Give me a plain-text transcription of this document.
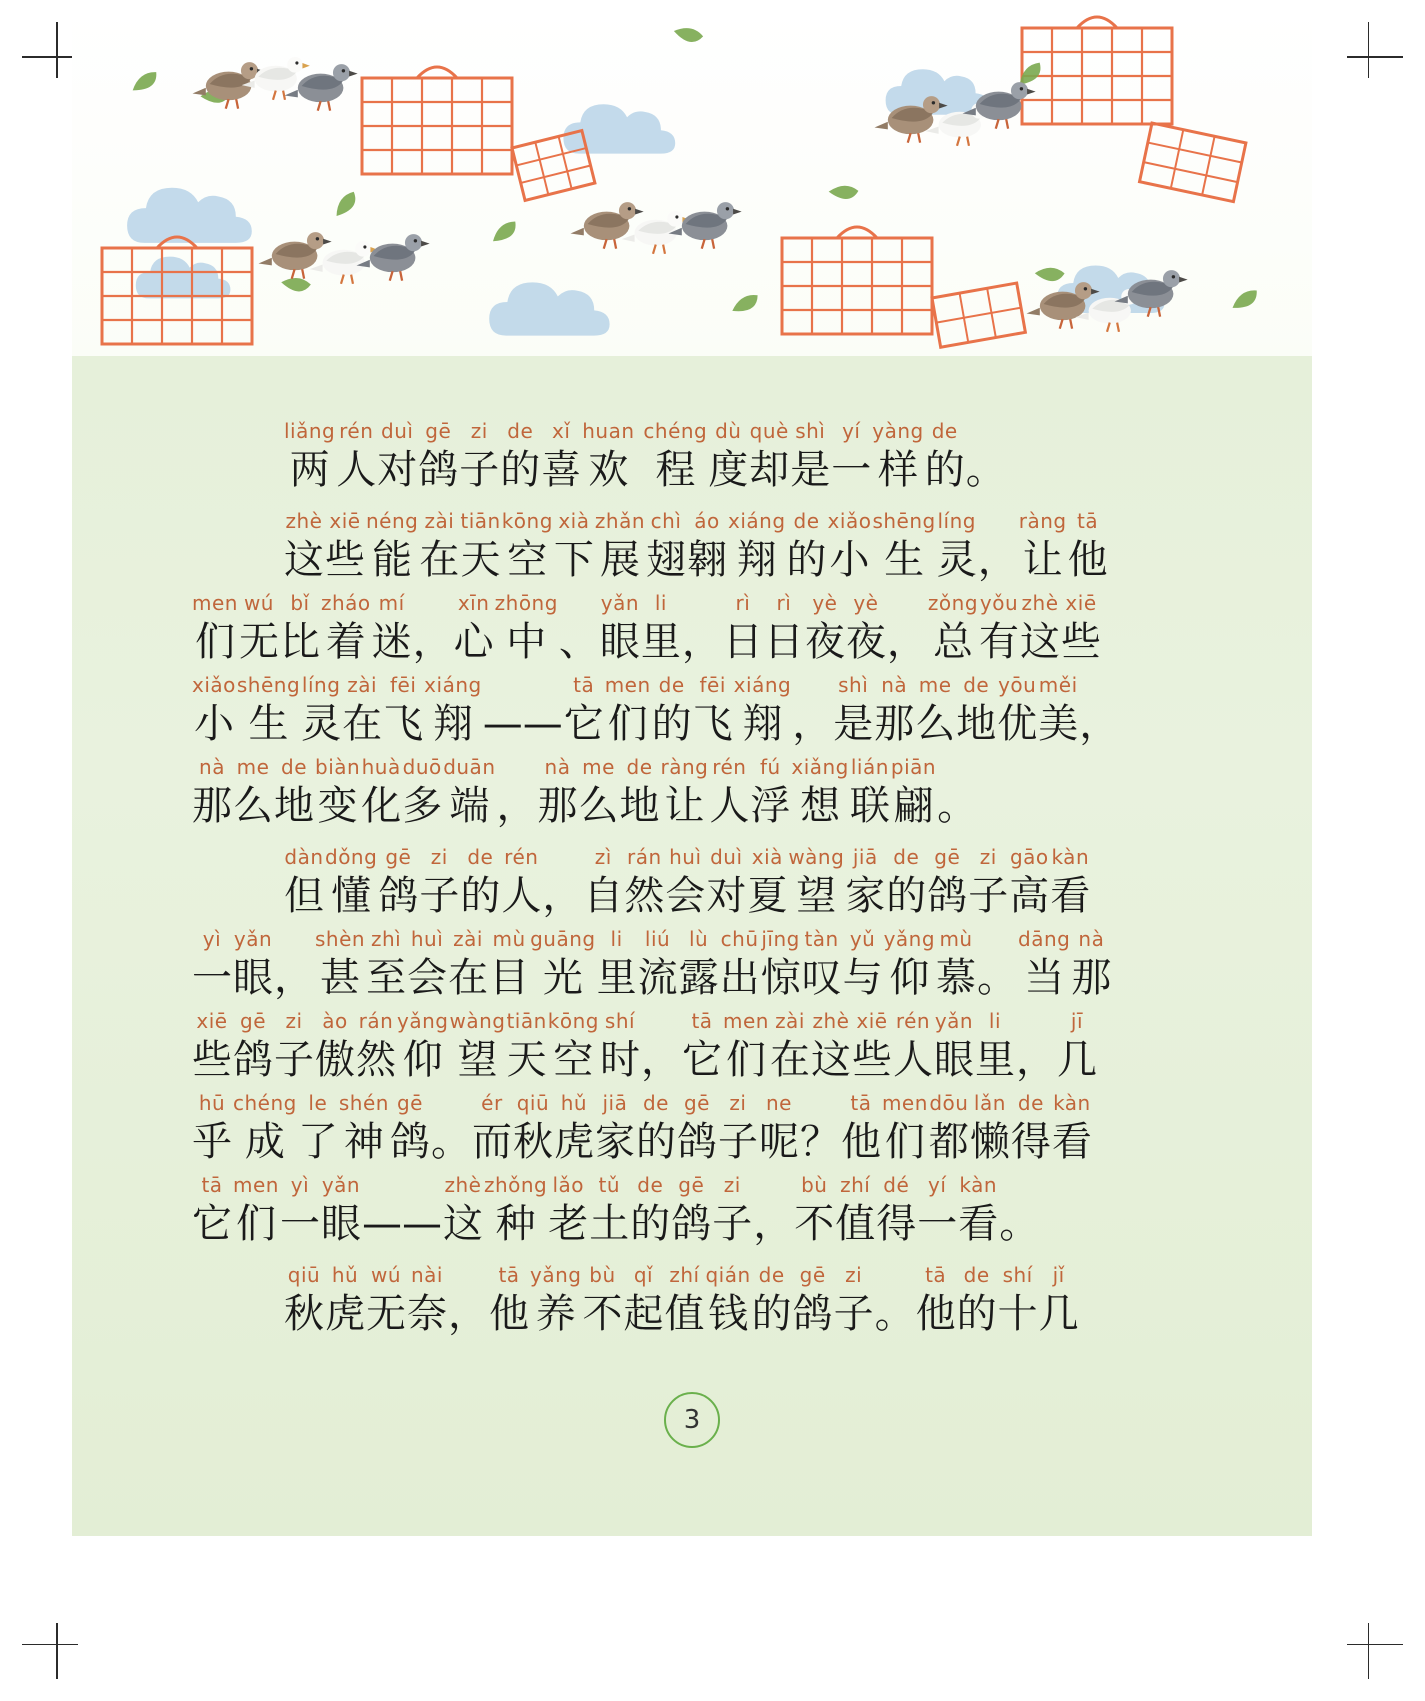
liǎng
两
rén
人
duì
对
gē
鸽
zi
子
de
的
xǐ
喜
huan
欢

chéng
程
dù
度
què
却
shì
是
yí
一
yàng
样
de
的
。
zhè
这
xiē
些
néng
能
zài
在
tiān
天
kōng
空
xià
下
zhǎn
展
chì
翅
áo
翱
xiáng
翔
de
的
xiǎo
小
shēng
生
líng
灵
，
ràng
让
tā
他
men
们
wú
无
bǐ
比
zháo
着
mí
迷
，
xīn
心
zhōng
中
、
yǎn
眼
li
里
，
rì
日
rì
日
yè
夜
yè
夜
，
zǒng
总
yǒu
有
zhè
这
xiē
些
xiǎo
小
shēng
生
líng
灵
zài
在
fēi
飞
xiáng
翔
——
tā
它
men
们
de
的
fēi
飞
xiáng
翔
，
shì
是
nà
那
me
么
de
地
yōu
优
měi
美
，
nà
那
me
么
de
地
biàn
变
huà
化
duō
多
duān
端
，
nà
那
me
么
de
地
ràng
让
rén
人
fú
浮
xiǎng
想
lián
联
piān
翩
。
dàn
但
dǒng
懂
gē
鸽
zi
子
de
的
rén
人
，
zì
自
rán
然
huì
会
duì
对
xià
夏
wàng
望
jiā
家
de
的
gē
鸽
zi
子
gāo
高
kàn
看
yì
一
yǎn
眼
，
shèn
甚
zhì
至
huì
会
zài
在
mù
目
guāng
光
li
里
liú
流
lù
露
chū
出
jīng
惊
tàn
叹
yǔ
与
yǎng
仰
mù
慕
。
dāng
当
nà
那
xiē
些
gē
鸽
zi
子
ào
傲
rán
然
yǎng
仰
wàng
望
tiān
天
kōng
空
shí
时
，
tā
它
men
们
zài
在
zhè
这
xiē
些
rén
人
yǎn
眼
li
里
，
jī
几
hū
乎
chéng
成
le
了
shén
神
gē
鸽
。
ér
而
qiū
秋
hǔ
虎
jiā
家
de
的
gē
鸽
zi
子
ne
呢
？
tā
他
men
们
dōu
都
lǎn
懒
de
得
kàn
看
tā
它
men
们
yì
一
yǎn
眼
——
zhè
这
zhǒng
种
lǎo
老
tǔ
土
de
的
gē
鸽
zi
子
，
bù
不
zhí
值
dé
得
yí
一
kàn
看
。
qiū
秋
hǔ
虎
wú
无
nài
奈
，
tā
他
yǎng
养
bù
不
qǐ
起
zhí
值
qián
钱
de
的
gē
鸽
zi
子
。
tā
他
de
的
shí
十
jǐ
几
3
